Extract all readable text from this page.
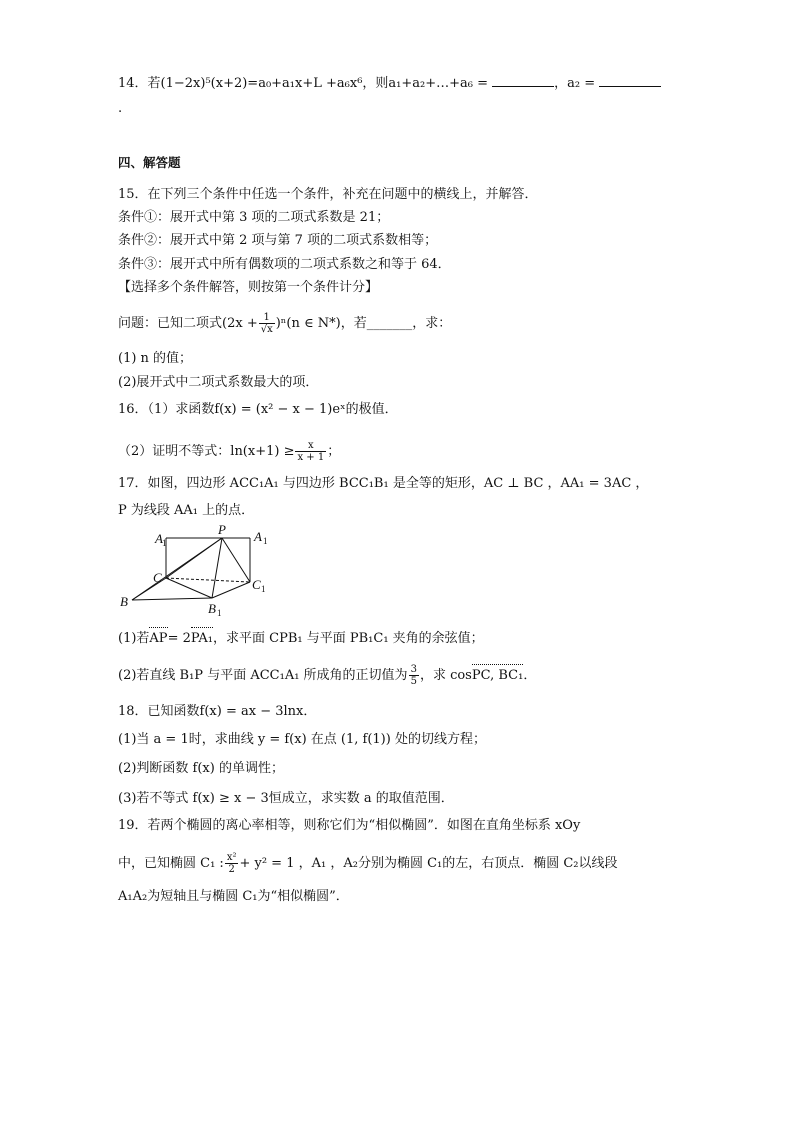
14．若(1−2x)⁵(x+2)=a₀+a₁x+L +a₆x⁶，则a₁+a₂+…+a₆ =	，a₂ =
.
四、解答题
15．在下列三个条件中任选一个条件，补充在问题中的横线上，并解答．
条件①：展开式中第 3 项的二项式系数是 21；
条件②：展开式中第 2 项与第 7 项的二项式系数相等；
条件③：展开式中所有偶数项的二项式系数之和等于 64．
【选择多个条件解答，则按第一个条件计分】
问题：已知二项式$(2x + \frac{1}{√x} )^n(n$ ∈ N*)，若_______，求：
(1) n 的值；
(2)展开式中二项式系数最大的项．
16．（1）求函数f(x) = (x² − x − 1)eˣ的极值．
（2）证明不等式：$\ln(x+1) \ge \frac{x}{x + 1}$ ；
17．如图，四边形 ACC₁A₁ 与四边形 BCC₁B₁ 是全等的矩形，AC ⊥ BC ，AA₁ = 3AC ，
P 为线段 AA₁ 上的点．
A 1
P A 1
C	C 1
B	B 1
(1)若AP= 2PA₁，求平面 CPB₁ 与平面 PB₁C₁ 夹角的余弦值；
(2)若直线 B₁P 与平面 ACC₁A₁ 所成角的正切值为 $\frac{3}{5}$ ，求 cosPC, BC₁．
18．已知函数f(x) = ax − 3lnx．
(1)当 a = 1时，求曲线 y = f(x) 在点 (1, f(1)) 处的切线方程；
(2)判断函数 f(x) 的单调性；
(3)若不等式 f(x) ≥ x − 3恒成立，求实数 a 的取值范围．
19．若两个椭圆的离心率相等，则称它们为“相似椭圆”．如图在直角坐标系 xOy
中，已知椭圆 C₁ : $\frac{\text{x²}}{2} + y^2 = 1$ ，A₁ ，A₂分别为椭圆 C₁的左，右顶点．椭圆 C₂以线段
A₁A₂为短轴且与椭圆 C₁为“相似椭圆”．
